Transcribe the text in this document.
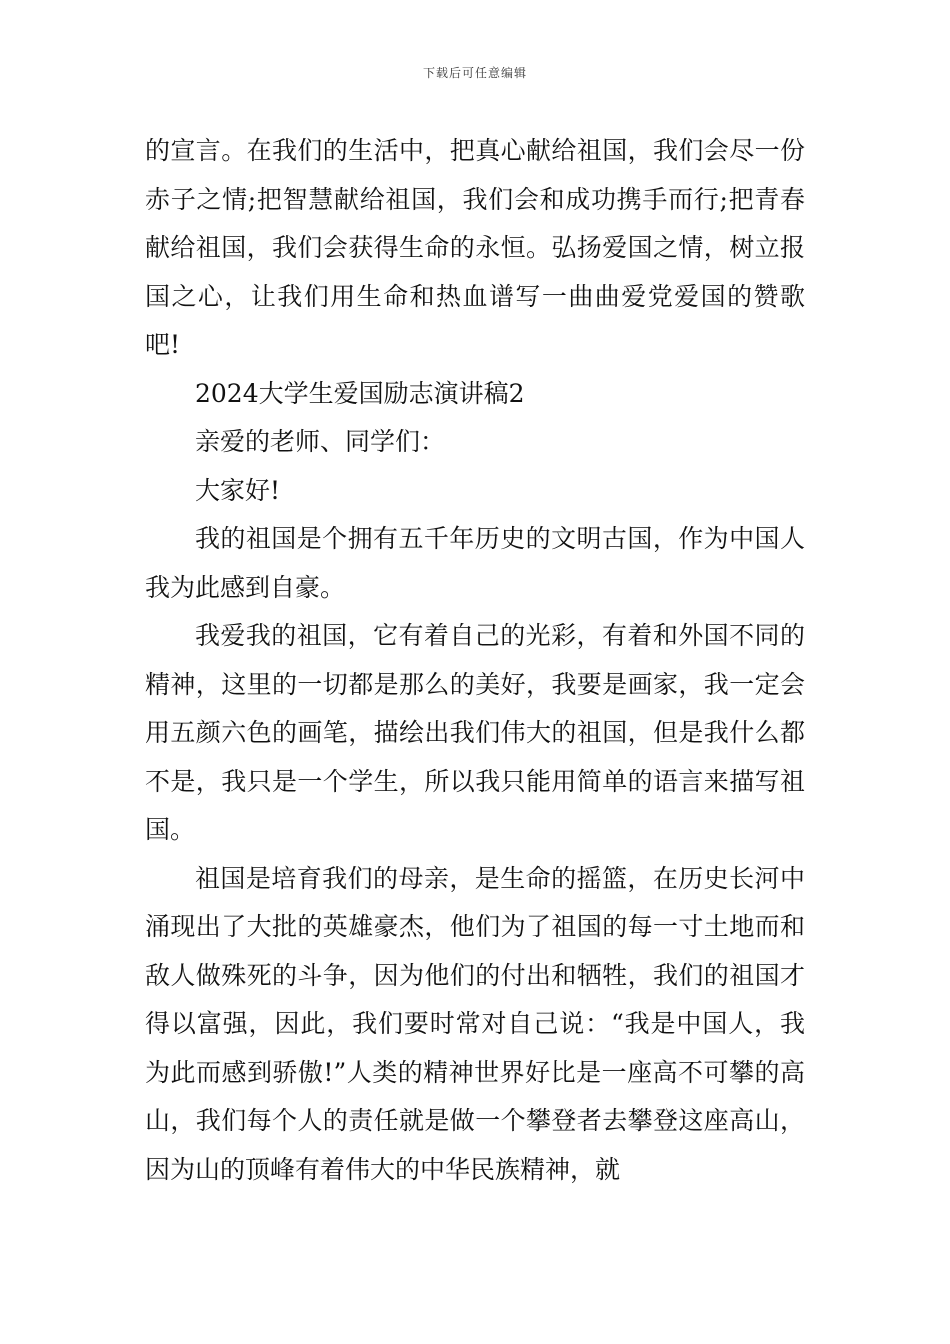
下载后可任意编辑

的宣言。在我们的生活中，把真心献给祖国，我们会尽一份赤子之情;把智慧献给祖国，我们会和成功携手而行;把青春献给祖国，我们会获得生命的永恒。弘扬爱国之情，树立报国之心，让我们用生命和热血谱写一曲曲爱党爱国的赞歌吧!

2024大学生爱国励志演讲稿2

亲爱的老师、同学们：

大家好!

我的祖国是个拥有五千年历史的文明古国，作为中国人我为此感到自豪。

我爱我的祖国，它有着自己的光彩，有着和外国不同的精神，这里的一切都是那么的美好，我要是画家，我一定会用五颜六色的画笔，描绘出我们伟大的祖国，但是我什么都不是，我只是一个学生，所以我只能用简单的语言来描写祖国。

祖国是培育我们的母亲，是生命的摇篮，在历史长河中涌现出了大批的英雄豪杰，他们为了祖国的每一寸土地而和敌人做殊死的斗争，因为他们的付出和牺牲，我们的祖国才得以富强，因此，我们要时常对自己说：“我是中国人，我为此而感到骄傲!”人类的精神世界好比是一座高不可攀的高山，我们每个人的责任就是做一个攀登者去攀登这座高山，因为山的顶峰有着伟大的中华民族精神，就
